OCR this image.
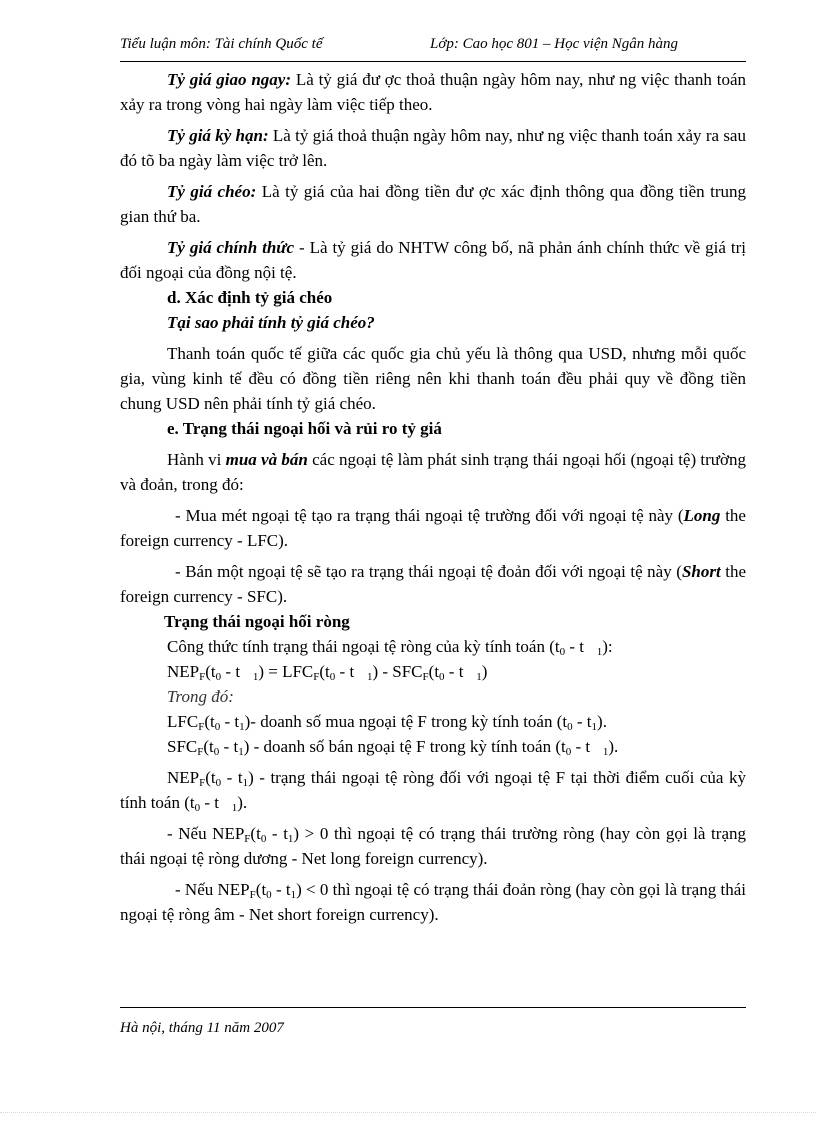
Tiểu luận môn: Tài chính Quốc tế	Lớp: Cao học 801 – Học viện Ngân hàng

Tỷ giá giao ngay: Là tỷ giá đư ợc thoả thuận ngày hôm nay, như ng việc thanh toán xảy ra trong vòng hai ngày làm việc tiếp theo.

Tỷ giá kỳ hạn: Là tỷ giá thoả thuận ngày hôm nay, như ng việc thanh toán xảy ra sau đó tõ ba ngày làm việc trở lên.

Tỷ giá chéo: Là tỷ giá của hai đồng tiền đư ợc xác định thông qua đồng tiền trung gian thứ ba.

Tỷ giá chính thức - Là tỷ giá do NHTW công bố, nã phản ánh chính thức về giá trị đối ngoại của đồng nội tệ.

d. Xác định tỷ giá chéo

Tại sao phải tính tỷ giá chéo?

Thanh toán quốc tế giữa các quốc gia chủ yếu là thông qua USD, nhưng mỗi quốc gia, vùng kinh tế đều có đồng tiền riêng nên khi thanh toán đều phải quy về đồng tiền chung USD nên phải tính tỷ giá chéo.

e. Trạng thái ngoại hối và rủi ro tỷ giá

Hành vi mua và bán các ngoại tệ làm phát sinh trạng thái ngoại hối (ngoại tệ) trường và đoản, trong đó:

- Mua mét ngoại tệ tạo ra trạng thái ngoại tệ trường đối với ngoại tệ này (Long the foreign currency - LFC).

- Bán một ngoại tệ sẽ tạo ra trạng thái ngoại tệ đoản đối với ngoại tệ này (Short the foreign currency - SFC).

Trạng thái ngoại hối ròng

Công thức tính trạng thái ngoại tệ ròng của kỳ tính toán ($t_0$ - t $_1$):

$NEP_F(t_0$ - t $_1) = LFC_F(t_0 - t$ $_1) - SFC_F(t_0$ - t $_1$)

Trong đó:

$LFC_F(t_0 - t_1)-$ doanh số mua ngoại tệ F trong kỳ tính toán $(t_0 - t_1)$.

$SFC_F(t_0 - t_1)$ - doanh số bán ngoại tệ F trong kỳ tính toán ($t_0$ - t $_1$).

$NEP_F(t_0 - t_1)$ - trạng thái ngoại tệ ròng đối với ngoại tệ F tại thời điểm cuối của kỳ tính toán ($t_0$ - t $_1$).

- Nếu $NEP_F(t_0 - t_1) > 0$ thì ngoại tệ có trạng thái trường ròng (hay còn gọi là trạng thái ngoại tệ ròng dương - Net long foreign currency).

- Nếu $NEP_F(t_0 - t_1) < 0$ thì ngoại tệ có trạng thái đoản ròng (hay còn gọi là trạng thái ngoại tệ ròng âm - Net short foreign currency).

Hà nội, tháng 11 năm 2007
